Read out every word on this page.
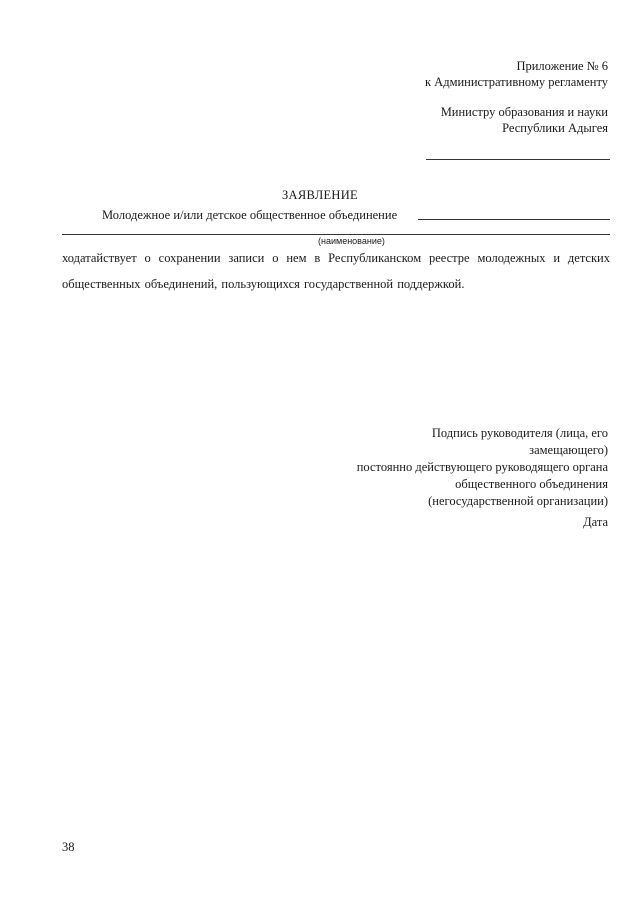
Приложение № 6
к Административному регламенту
Министру образования и науки
Республики Адыгея
ЗАЯВЛЕНИЕ
Молодежное и/или детское общественное объединение
(наименование)
ходатайствует о сохранении записи о нем в Республиканском реестре молодежных и детских общественных объединений, пользующихся государственной поддержкой.
Подпись руководителя (лица, его
замещающего)
постоянно действующего руководящего органа
общественного объединения
(негосударственной организации)
Дата
38
